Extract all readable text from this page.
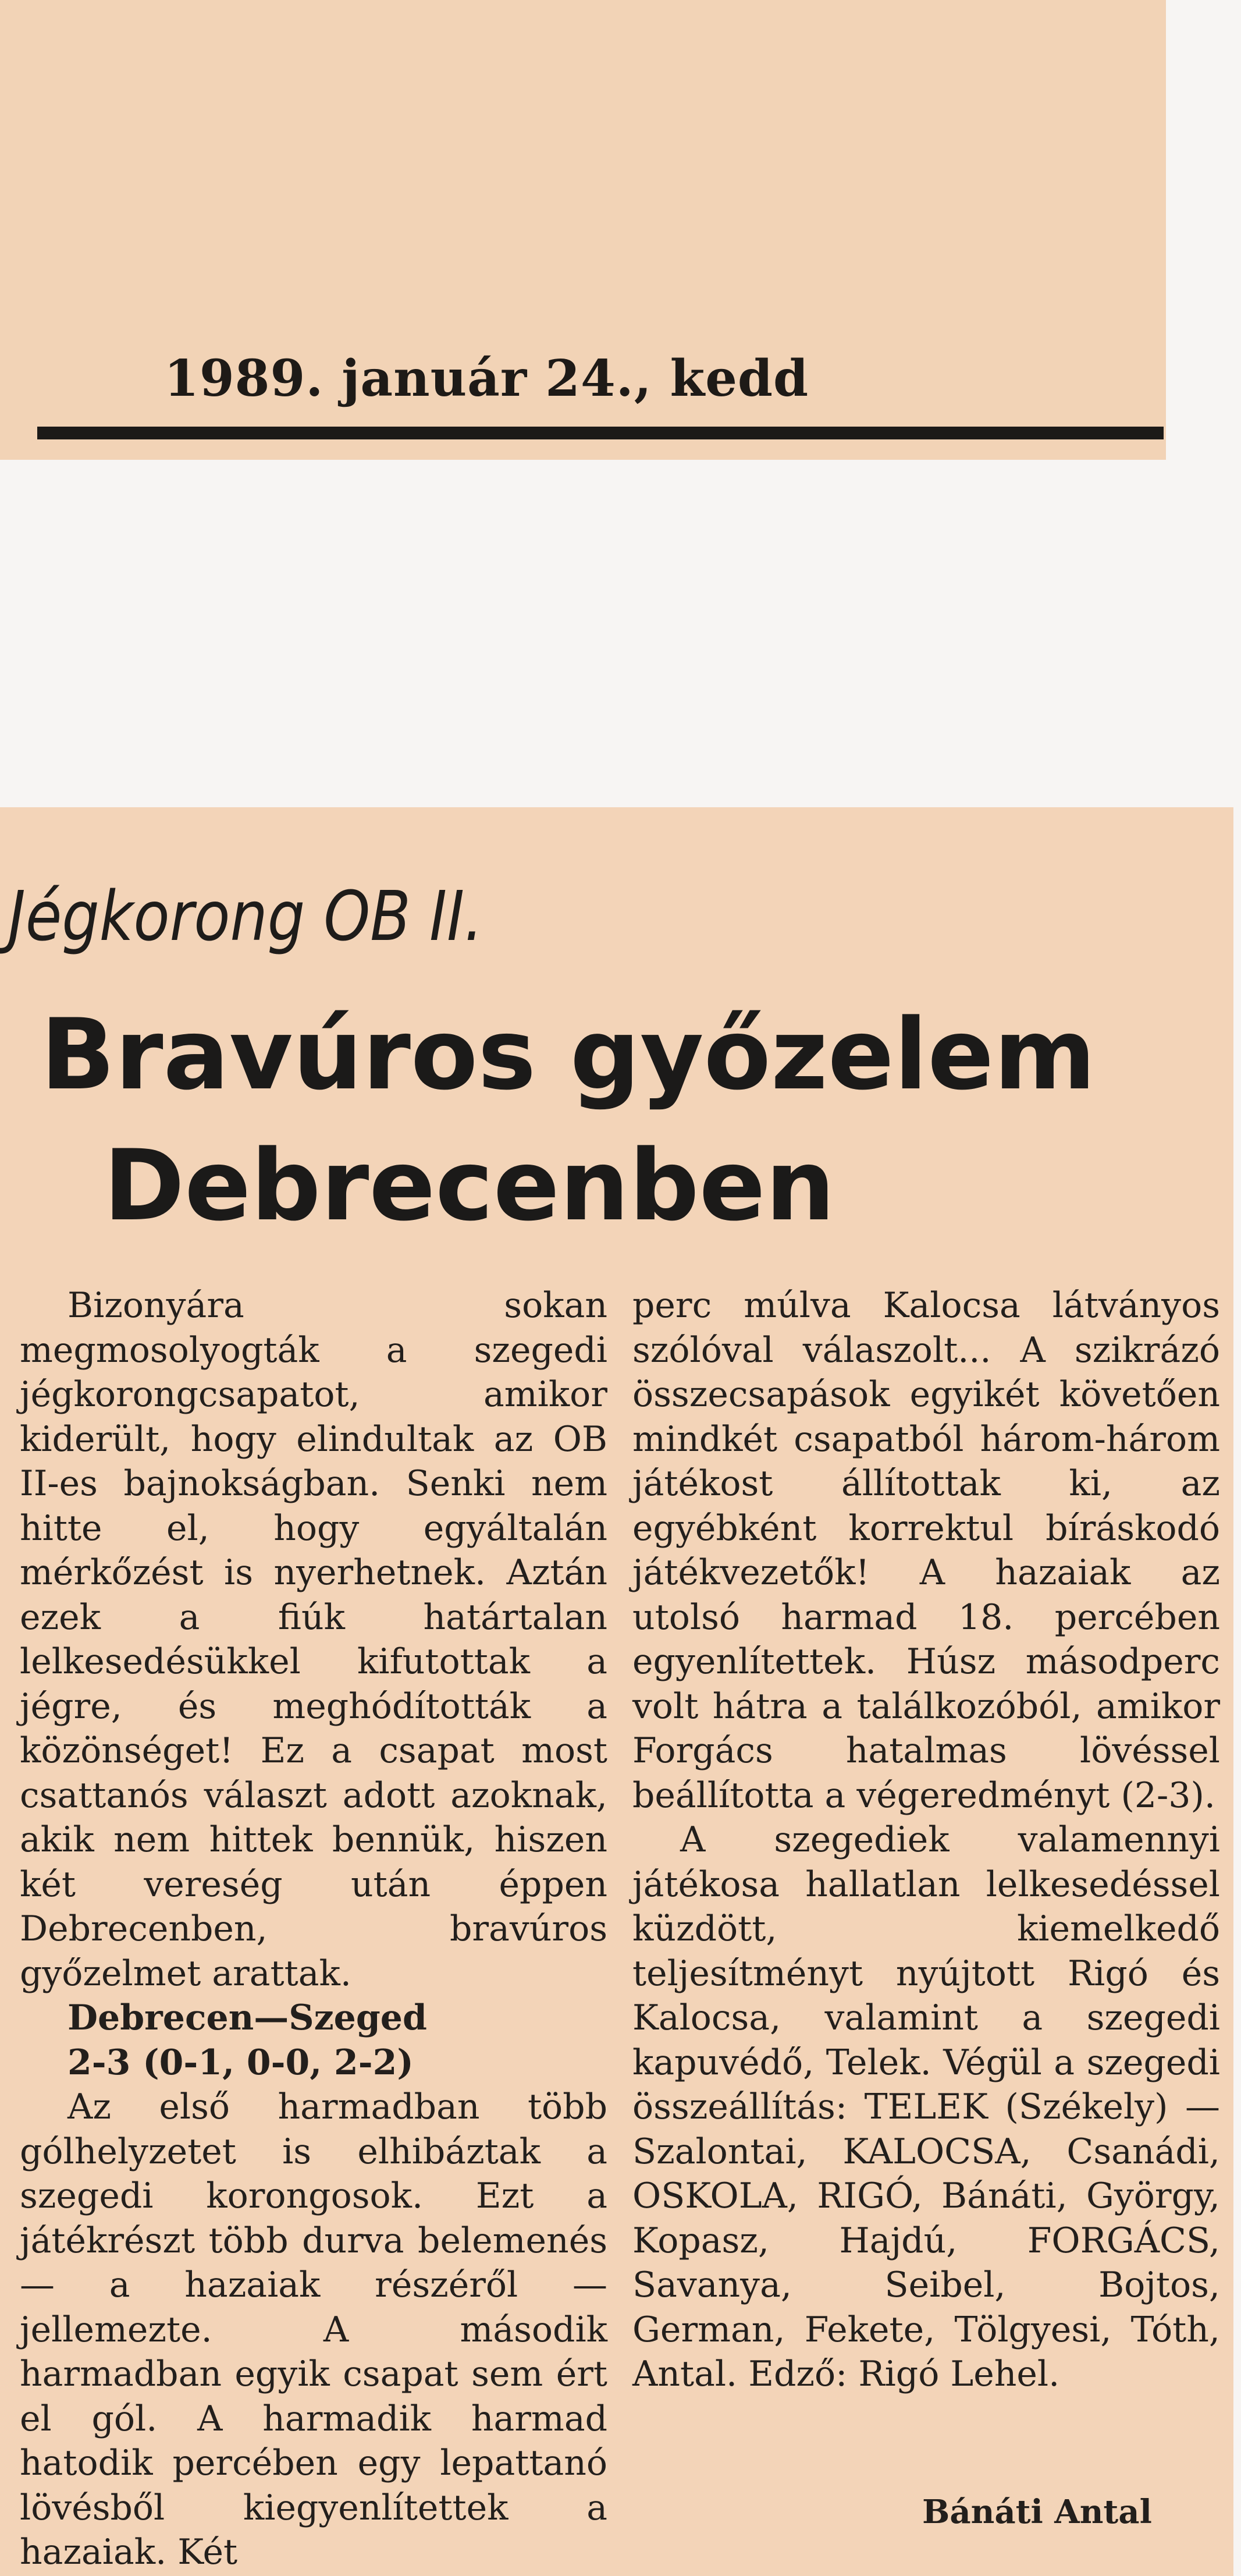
1989. január 24., kedd
Jégkorong OB II.
Bravúros győzelem
Debrecenben

Bizonyára sokan megmosolyogták a szegedi jégkorongcsapatot, amikor kiderült, hogy elindultak az OB II-es bajnokságban. Senki nem hitte el, hogy egyáltalán mérkőzést is nyerhetnek. Aztán ezek a fiúk határtalan lelkesedésükkel kifutottak a jégre, és meghódították a közönséget! Ez a csapat most csattanós választ adott azoknak, akik nem hittek bennük, hiszen két vereség után éppen Debrecenben, bravúros győzelmet arattak.

Debrecen—Szeged

2-3 (0-1, 0-0, 2-2)

Az első harmadban több gólhelyzetet is elhibáztak a szegedi korongosok. Ezt a játékrészt több durva belemenés — a hazaiak részéről — jellemezte. A második harmadban egyik csapat sem ért el gól. A harmadik harmad hatodik percében egy lepattanó lövésből kiegyenlítettek a hazaiak. Két

perc múlva Kalocsa látványos szólóval válaszolt... A szikrázó összecsapások egyikét követően mindkét csapatból három-három játékost állítottak ki, az egyébként korrektul bíráskodó játékvezetők! A hazaiak az utolsó harmad 18. percében egyenlítettek. Húsz másodperc volt hátra a találkozóból, amikor Forgács hatalmas lövéssel beállította a végeredményt (2-3).

A szegediek valamennyi játékosa hallatlan lelkesedéssel küzdött, kiemelkedő teljesítményt nyújtott Rigó és Kalocsa, valamint a szegedi kapuvédő, Telek. Végül a szegedi összeállítás: TELEK (Székely) — Szalontai, KALOCSA, Csanádi, OSKOLA, RIGÓ, Bánáti, György, Kopasz, Hajdú, FORGÁCS, Savanya, Seibel, Bojtos, German, Fekete, Tölgyesi, Tóth, Antal. Edző: Rigó Lehel.

Bánáti Antal
